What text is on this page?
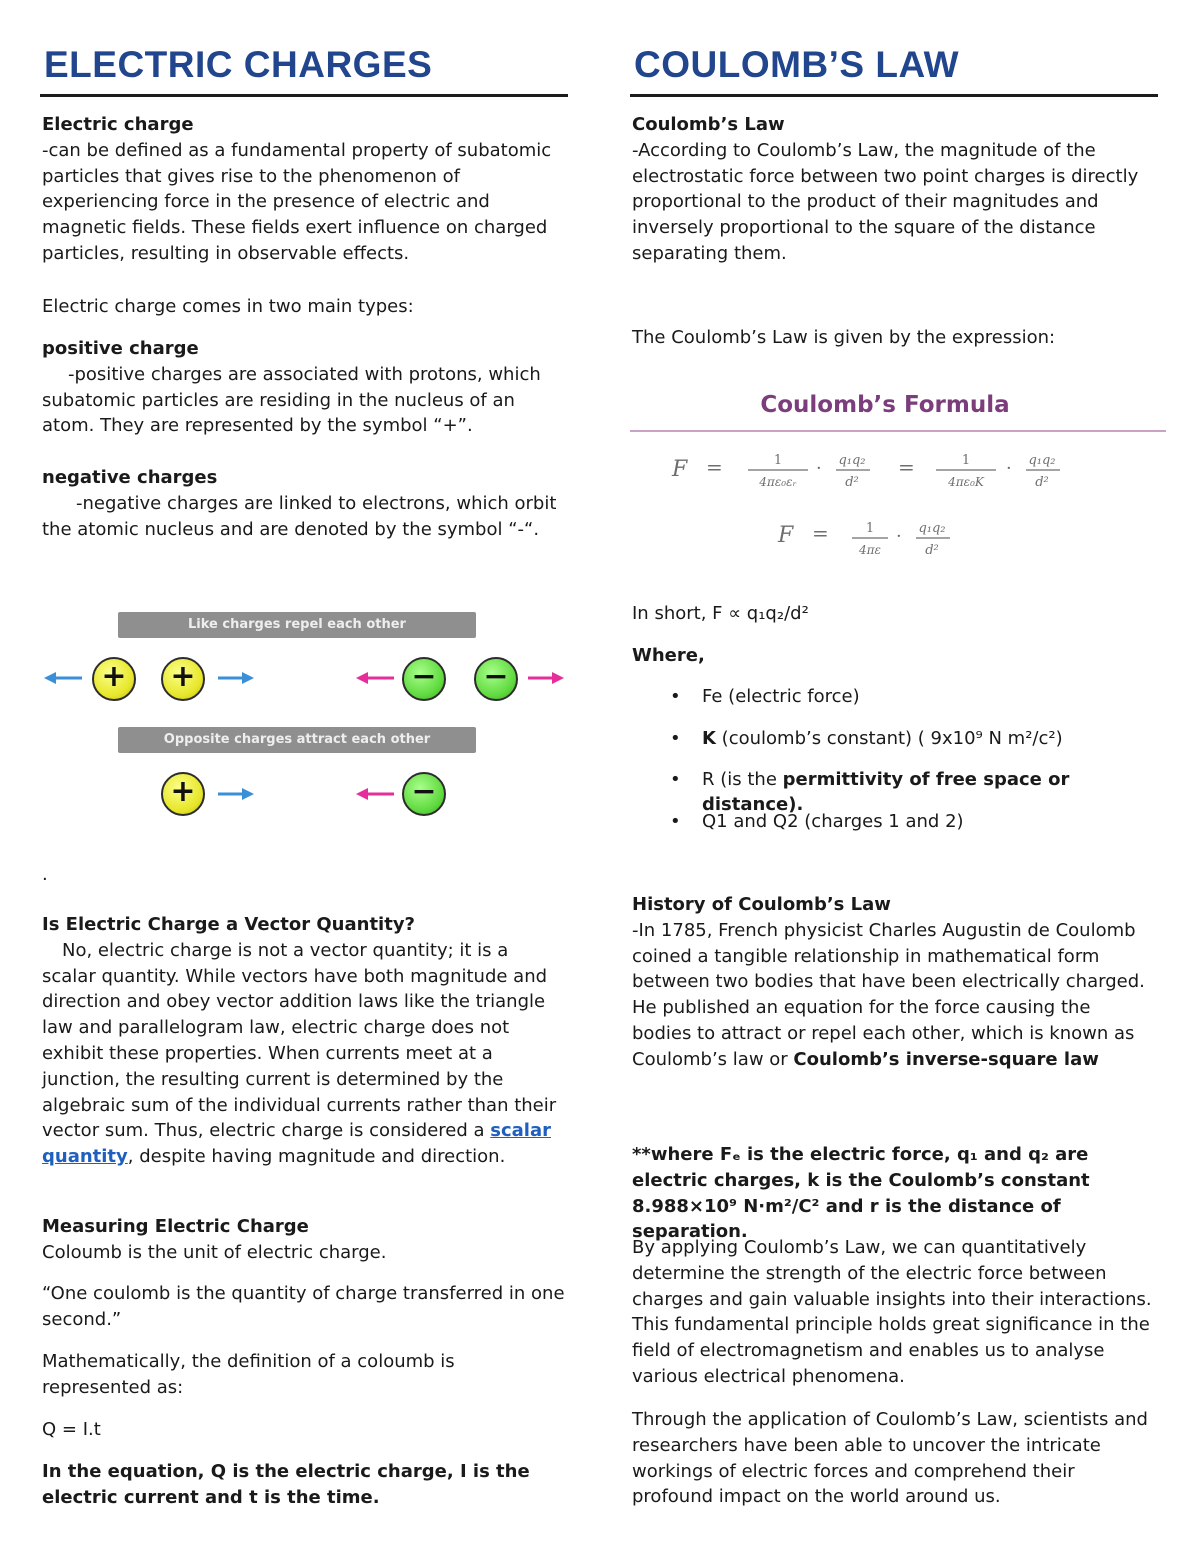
ELECTRIC CHARGES

Electric charge
-can be defined as a fundamental property of subatomic particles that gives rise to the phenomenon of experiencing force in the presence of electric and magnetic fields. These fields exert influence on charged particles, resulting in observable effects.

Electric charge comes in two main types:

positive charge
-positive charges are associated with protons, which subatomic particles are residing in the nucleus of an atom. They are represented by the symbol “+”.

negative charges
-negative charges are linked to electrons, which orbit the atomic nucleus and are denoted by the symbol “-“.

Like charges repel each other
+	+	−	−
Opposite charges attract each other
+	−

.

Is Electric Charge a Vector Quantity?
No, electric charge is not a vector quantity; it is a scalar quantity. While vectors have both magnitude and direction and obey vector addition laws like the triangle law and parallelogram law, electric charge does not exhibit these properties. When currents meet at a junction, the resulting current is determined by the algebraic sum of the individual currents rather than their vector sum. Thus, electric charge is considered a scalar quantity, despite having magnitude and direction.

Measuring Electric Charge
Coloumb is the unit of electric charge.

“One coulomb is the quantity of charge transferred in one second.”

Mathematically, the definition of a coloumb is represented as:

Q = I.t

In the equation, Q is the electric charge, I is the electric current and t is the time.

COULOMB’S LAW

Coulomb’s Law
-According to Coulomb’s Law, the magnitude of the electrostatic force between two point charges is directly proportional to the product of their magnitudes and inversely proportional to the square of the distance separating them.

The Coulomb’s Law is given by the expression:

Coulomb’s Formula

F =	1
4πε₀εᵣ
· q₁q₂
d²
=	1
4πε₀K
· q₁q₂
d²
F =	1
4πε
· q₁q₂
d²

In short, F ∝ q₁q₂/d²

Where,

• Fe (electric force)
• K (coulomb’s constant) ( 9x10⁹ N m²/c²)
• R (is the permittivity of free space or distance).
• Q1 and Q2 (charges 1 and 2)

History of Coulomb’s Law
-In 1785, French physicist Charles Augustin de Coulomb coined a tangible relationship in mathematical form between two bodies that have been electrically charged. He published an equation for the force causing the bodies to attract or repel each other, which is known as Coulomb’s law or Coulomb’s inverse-square law

**where Fₑ is the electric force, q₁ and q₂ are electric charges, k is the Coulomb’s constant 8.988×10⁹ N⋅m²/C² and r is the distance of separation.

By applying Coulomb’s Law, we can quantitatively determine the strength of the electric force between charges and gain valuable insights into their interactions. This fundamental principle holds great significance in the field of electromagnetism and enables us to analyse various electrical phenomena.

Through the application of Coulomb’s Law, scientists and researchers have been able to uncover the intricate workings of electric forces and comprehend their profound impact on the world around us.
